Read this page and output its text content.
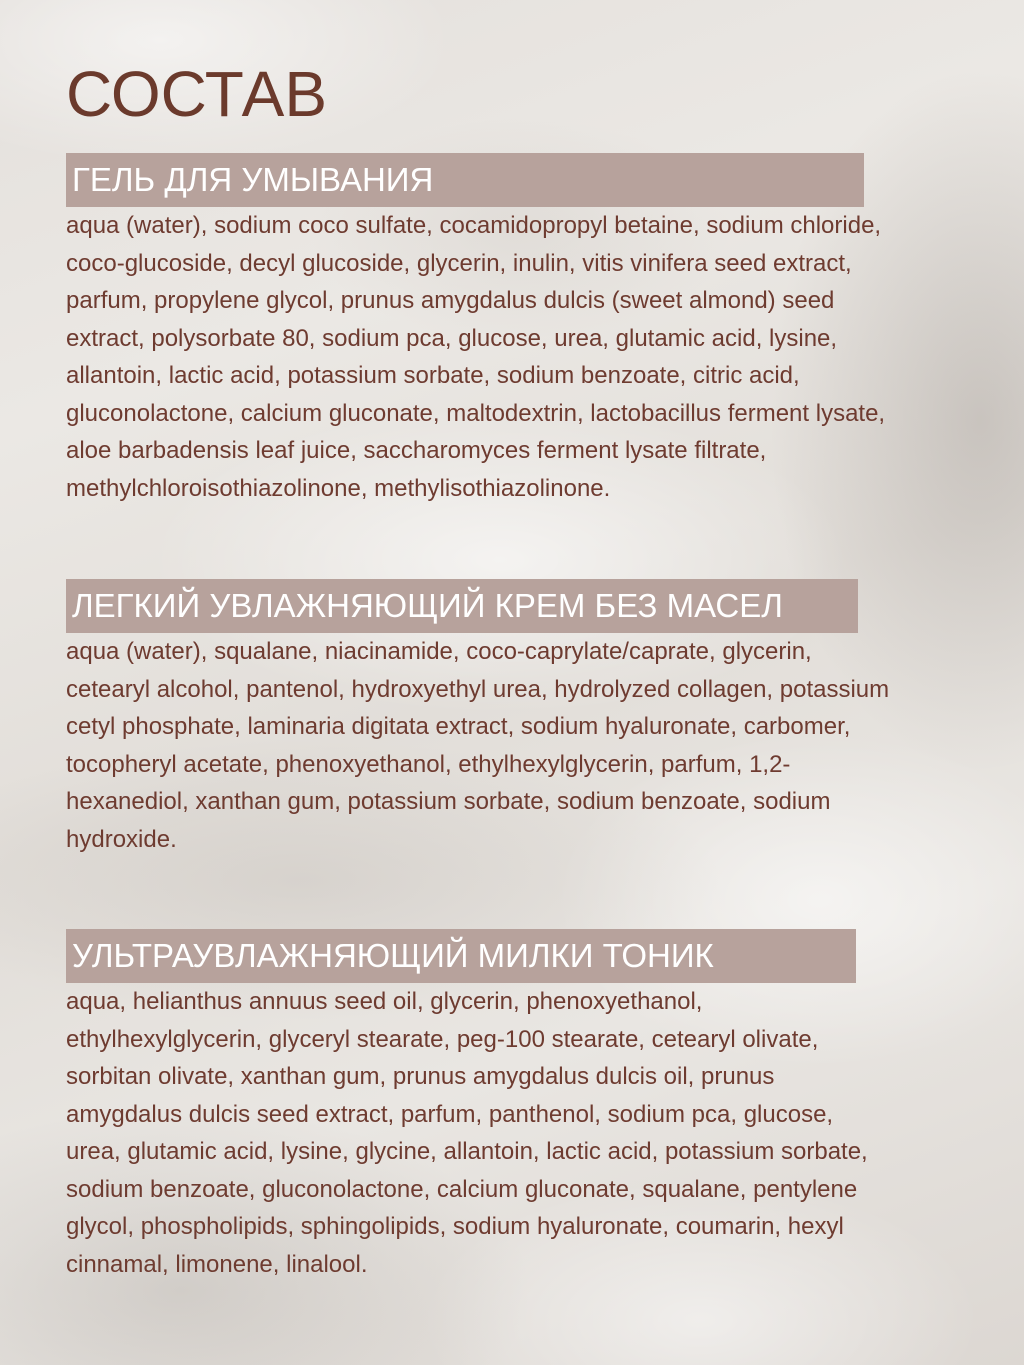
СОСТАВ
ГЕЛЬ ДЛЯ УМЫВАНИЯ

aqua (water), sodium coco sulfate, cocamidopropyl betaine, sodium chloride,
coco-glucoside, decyl glucoside, glycerin, inulin, vitis vinifera seed extract,
parfum, propylene glycol, prunus amygdalus dulcis (sweet almond) seed
extract, polysorbate 80, sodium pca, glucose, urea, glutamic acid, lysine,
allantoin, lactic acid, potassium sorbate, sodium benzoate, citric acid,
gluconolactone, calcium gluconate, maltodextrin, lactobacillus ferment lysate,
aloe barbadensis leaf juice, saccharomyces ferment lysate filtrate,
methylchloroisothiazolinone, methylisothiazolinone.

ЛЕГКИЙ УВЛАЖНЯЮЩИЙ КРЕМ БЕЗ МАСЕЛ

aqua (water), squalane, niacinamide, coco-caprylate/caprate, glycerin,
cetearyl alcohol, pantenol, hydroxyethyl urea, hydrolyzed collagen, potassium
cetyl phosphate, laminaria digitata extract, sodium hyaluronate, carbomer,
tocopheryl acetate, phenoxyethanol, ethylhexylglycerin, parfum, 1,2-
hexanediol, xanthan gum, potassium sorbate, sodium benzoate, sodium
hydroxide.

УЛЬТРАУВЛАЖНЯЮЩИЙ МИЛКИ ТОНИК

aqua, helianthus annuus seed oil, glycerin, phenoxyethanol,
ethylhexylglycerin, glyceryl stearate, peg-100 stearate, cetearyl olivate,
sorbitan olivate, xanthan gum, prunus amygdalus dulcis oil, prunus
amygdalus dulcis seed extract, parfum, panthenol, sodium pca, glucose,
urea, glutamic acid, lysine, glycine, allantoin, lactic acid, potassium sorbate,
sodium benzoate, gluconolactone, calcium gluconate, squalane, pentylene
glycol, phospholipids, sphingolipids, sodium hyaluronate, coumarin, hexyl
cinnamal, limonene, linalool.
